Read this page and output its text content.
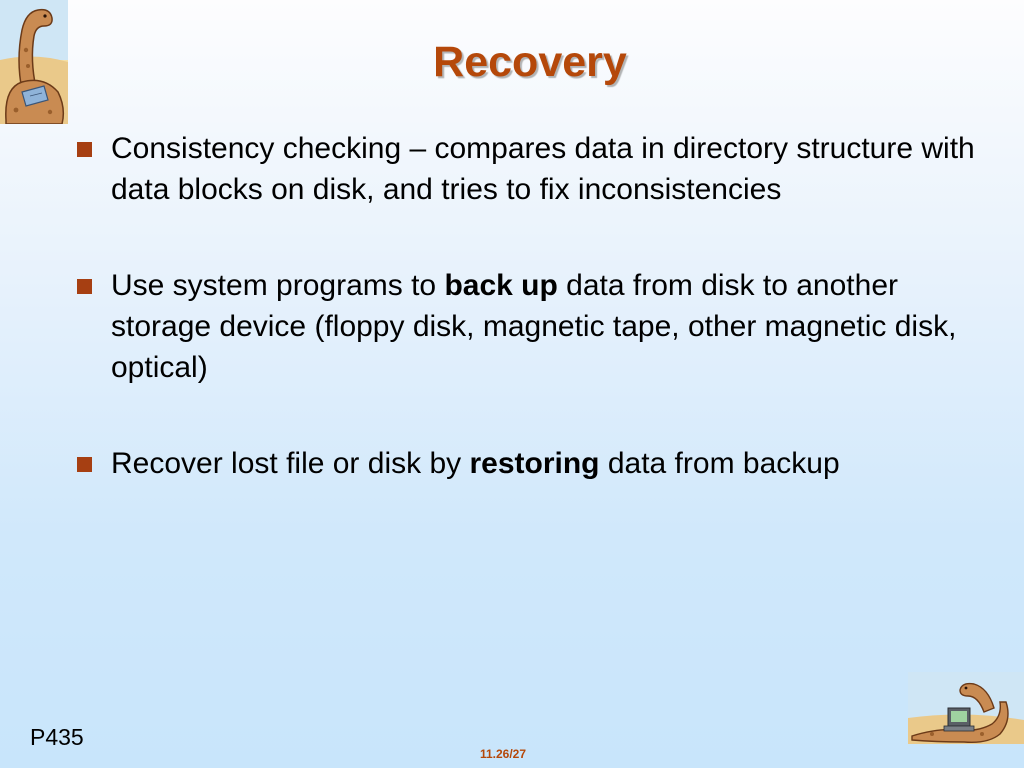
Recovery
Consistency checking – compares data in directory structure with data blocks on disk, and tries to fix inconsistencies
Use system programs to back up data from disk to another storage device (floppy disk, magnetic tape, other magnetic disk, optical)
Recover lost file or disk by restoring data from backup
P435
11.26/27
